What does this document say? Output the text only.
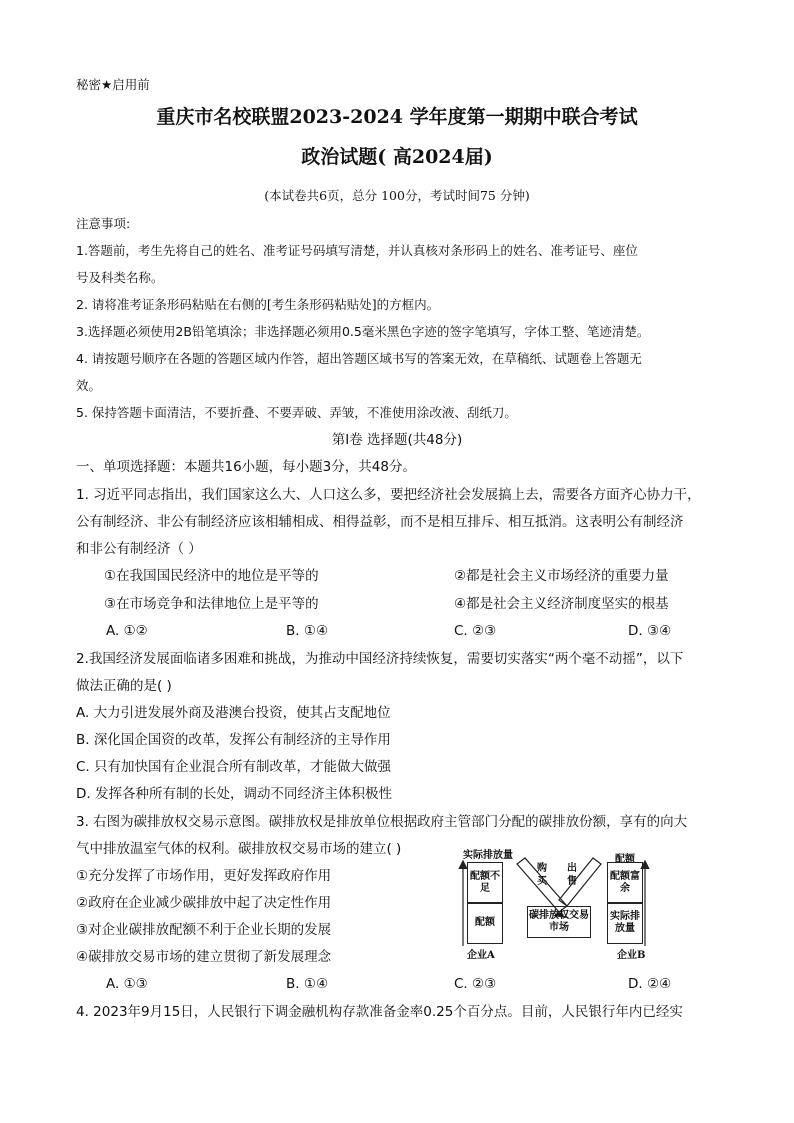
秘密★启用前
重庆市名校联盟2023-2024 学年度第一期期中联合考试
政治试题( 高2024届)
(本试卷共6页，总分 100分，考试时间75 分钟)
注意事项:
1.答题前，考生先将自己的姓名、准考证号码填写清楚，并认真核对条形码上的姓名、准考证号、座位
号及科类名称。
2. 请将准考证条形码粘贴在右侧的[考生条形码粘贴处]的方框内。
3.选择题必须使用2B铅笔填涂；非选择题必须用0.5毫米黑色字迹的签字笔填写，字体工整、笔迹清楚。
4. 请按题号顺序在各题的答题区域内作答，超出答题区域书写的答案无效，在草稿纸、试题卷上答题无
效。
5. 保持答题卡面清洁，不要折叠、不要弄破、弄皱，不准使用涂改液、刮纸刀。
第Ⅰ卷 选择题(共48分)
一、单项选择题：本题共16小题，每小题3分，共48分。
1. 习近平同志指出，我们国家这么大、人口这么多，要把经济社会发展搞上去，需要各方面齐心协力干，
公有制经济、非公有制经济应该相辅相成、相得益彰，而不是相互排斥、相互抵消。这表明公有制经济
和非公有制经济（ ）
①在我国国民经济中的地位是平等的	②都是社会主义市场经济的重要力量
③在市场竞争和法律地位上是平等的	④都是社会主义经济制度坚实的根基
A. ①②	B. ①④	C. ②③	D. ③④
2.我国经济发展面临诸多困难和挑战，为推动中国经济持续恢复，需要切实落实“两个毫不动摇”，以下
做法正确的是( )
A. 大力引进发展外商及港澳台投资，使其占支配地位
B. 深化国企国资的改革，发挥公有制经济的主导作用
C. 只有加快国有企业混合所有制改革，才能做大做强
D. 发挥各种所有制的长处，调动不同经济主体积极性
3. 右图为碳排放权交易示意图。碳排放权是排放单位根据政府主管部门分配的碳排放份额，享有的向大
气中排放温室气体的权利。碳排放权交易市场的建立( )
①充分发挥了市场作用，更好发挥政府作用
②政府在企业减少碳排放中起了决定性作用
③对企业碳排放配额不利于企业长期的发展
④碳排放交易市场的建立贯彻了新发展理念
A. ①③	B. ①④	C. ②③	D. ②④
实际排放量	配额
配额不足
配额
购买
出售
碳排放权交易市场
配额富余
实际排放量
企业A	企业B
4. 2023年9月15日，人民银行下调金融机构存款准备金率0.25个百分点。目前，人民银行年内已经实
